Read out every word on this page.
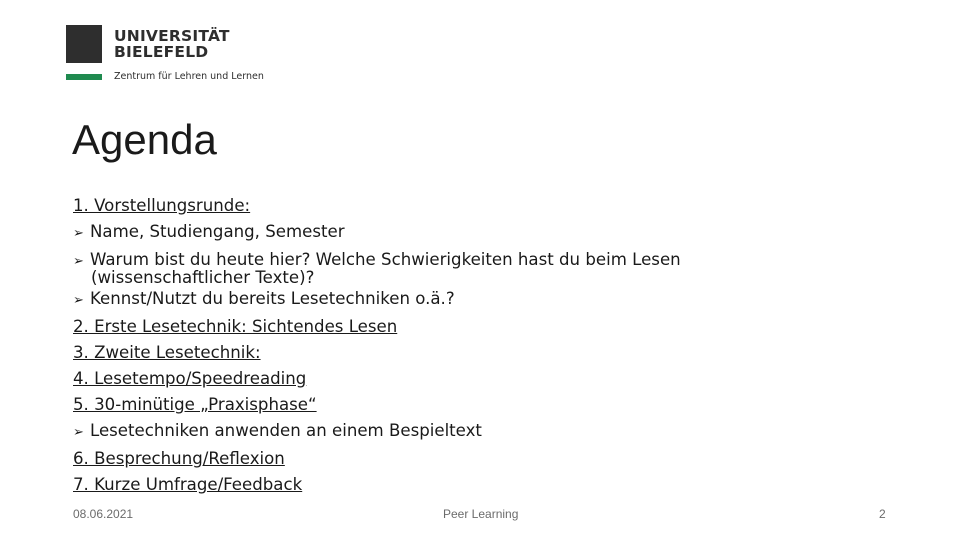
UNIVERSITÄT
BIELEFELD
Zentrum für Lehren und Lernen
Agenda
1. Vorstellungsrunde:
➢ Name, Studiengang, Semester
➢ Warum bist du heute hier? Welche Schwierigkeiten hast du beim Lesen
(wissenschaftlicher Texte)?
➢ Kennst/Nutzt du bereits Lesetechniken o.ä.?
2. Erste Lesetechnik: Sichtendes Lesen
3. Zweite Lesetechnik:
4. Lesetempo/Speedreading
5. 30-minütige „Praxisphase“
➢ Lesetechniken anwenden an einem Bespieltext
6. Besprechung/Reflexion
7. Kurze Umfrage/Feedback
08.06.2021	Peer Learning	2
